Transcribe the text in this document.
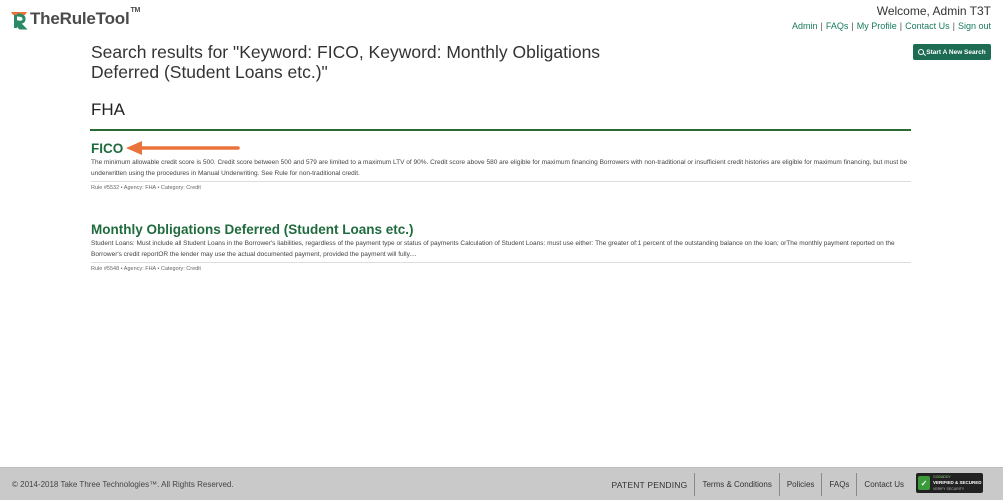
TheRuleTool™	Welcome, Admin T3T
Admin | FAQs | My Profile | Contact Us | Sign out
Start A New Search
Search results for "Keyword: FICO, Keyword: Monthly Obligations Deferred (Student Loans etc.)"
FHA
FICO
The minimum allowable credit score is 500. Credit score between 500 and 579 are limited to a maximum LTV of 90%. Credit score above 580 are eligible for maximum financing Borrowers with non-traditional or insufficient credit histories are eligible for maximum financing, but must be underwritten using the procedures in Manual Underwriting. See Rule for non-traditional credit.
Rule #5532 • Agency: FHA • Category: Credit
Monthly Obligations Deferred (Student Loans etc.)
Student Loans: Must include all Student Loans in the Borrower's liabilities, regardless of the payment type or status of payments Calculation of Student Loans: must use either: The greater of:1 percent of the outstanding balance on the loan; orThe monthly payment reported on the Borrower's credit reportOR the lender may use the actual documented payment, provided the payment will fully....
Rule #5548 • Agency: FHA • Category: Credit
© 2014-2018 Take Three Technologies™. All Rights Reserved.	PATENT PENDING	Terms & Conditions	Policies	FAQs	Contact Us	✓
GODADDY
VERIFIED & SECURED
VERIFY SECURITY
